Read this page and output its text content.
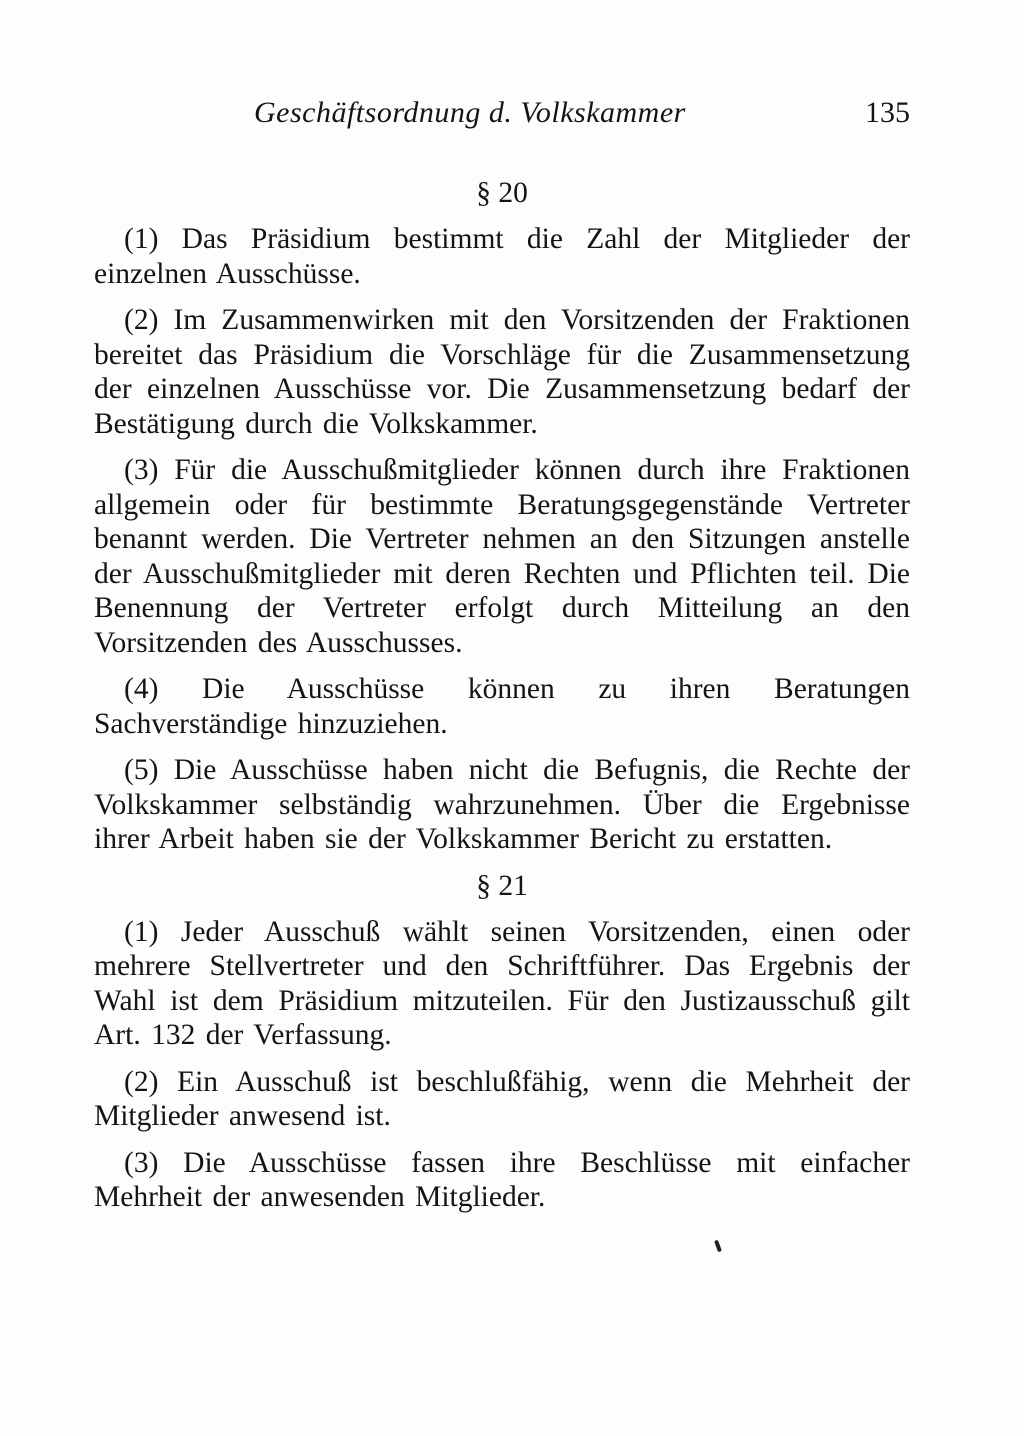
Geschäftsordnung d. Volkskammer	135
§ 20

(1) Das Präsidium bestimmt die Zahl der Mitglieder der einzelnen Ausschüsse.

(2) Im Zusammenwirken mit den Vorsitzenden der Fraktionen bereitet das Präsidium die Vorschläge für die Zusammensetzung der einzelnen Ausschüsse vor. Die Zusammensetzung bedarf der Bestätigung durch die Volkskammer.

(3) Für die Ausschußmitglieder können durch ihre Fraktionen allgemein oder für bestimmte Beratungsgegenstände Vertreter benannt werden. Die Vertreter nehmen an den Sitzungen anstelle der Ausschußmitglieder mit deren Rechten und Pflichten teil. Die Benennung der Vertreter erfolgt durch Mitteilung an den Vorsitzenden des Ausschusses.

(4) Die Ausschüsse können zu ihren Beratungen Sachverständige hinzuziehen.

(5) Die Ausschüsse haben nicht die Befugnis, die Rechte der Volkskammer selbständig wahrzunehmen. Über die Ergebnisse ihrer Arbeit haben sie der Volkskammer Bericht zu erstatten.

§ 21

(1) Jeder Ausschuß wählt seinen Vorsitzenden, einen oder mehrere Stellvertreter und den Schriftführer. Das Ergebnis der Wahl ist dem Präsidium mitzuteilen. Für den Justizausschuß gilt Art. 132 der Verfassung.

(2) Ein Ausschuß ist beschlußfähig, wenn die Mehrheit der Mitglieder anwesend ist.

(3) Die Ausschüsse fassen ihre Beschlüsse mit einfacher Mehrheit der anwesenden Mitglieder.
